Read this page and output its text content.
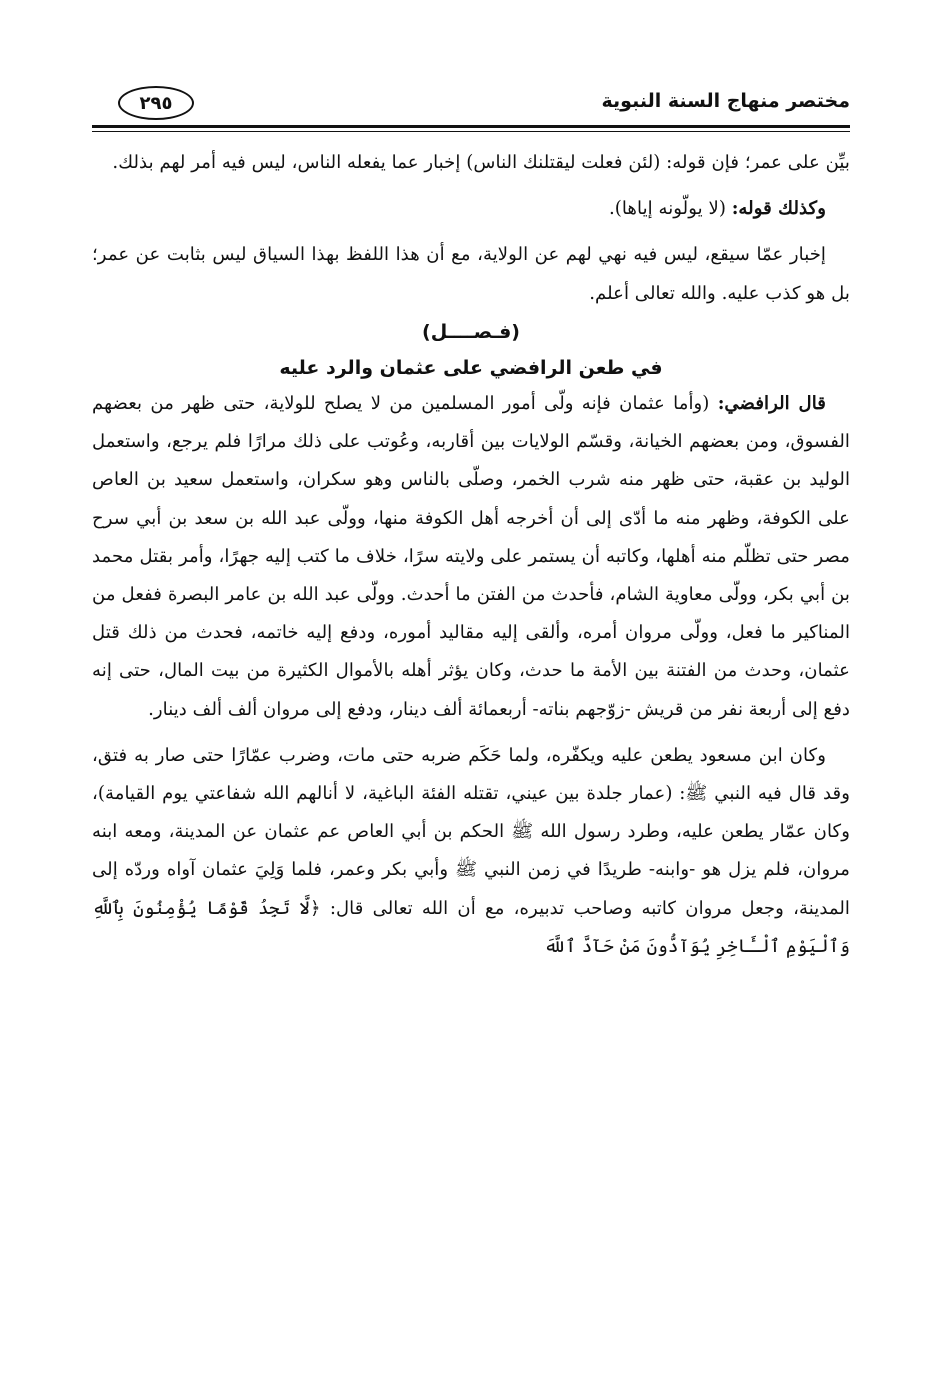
مختصر منهاج السنة النبوية
٢٩٥

بيِّن على عمر؛ فإن قوله: (لئن فعلت ليقتلنك الناس) إخبار عما يفعله الناس، ليس فيه أمر لهم بذلك.

وكذلك قوله: (لا يولّونه إياها).

إخبار عمّا سيقع، ليس فيه نهي لهم عن الولاية، مع أن هذا اللفظ بهذا السياق ليس بثابت عن عمر؛ بل هو كذب عليه. والله تعالى أعلم.

(فـصــــل)

في طعن الرافضي على عثمان والرد عليه

قال الرافضي: (وأما عثمان فإنه ولّى أمور المسلمين من لا يصلح للولاية، حتى ظهر من بعضهم الفسوق، ومن بعضهم الخيانة، وقسّم الولايات بين أقاربه، وعُوتب على ذلك مرارًا فلم يرجع، واستعمل الوليد بن عقبة، حتى ظهر منه شرب الخمر، وصلّى بالناس وهو سكران، واستعمل سعيد بن العاص على الكوفة، وظهر منه ما أدّى إلى أن أخرجه أهل الكوفة منها، وولّى عبد الله بن سعد بن أبي سرح مصر حتى تظلّم منه أهلها، وكاتبه أن يستمر على ولايته سرًا، خلاف ما كتب إليه جهرًا، وأمر بقتل محمد بن أبي بكر، وولّى معاوية الشام، فأحدث من الفتن ما أحدث. وولّى عبد الله بن عامر البصرة ففعل من المناكير ما فعل، وولّى مروان أمره، وألقى إليه مقاليد أموره، ودفع إليه خاتمه، فحدث من ذلك قتل عثمان، وحدث من الفتنة بين الأمة ما حدث، وكان يؤثر أهله بالأموال الكثيرة من بيت المال، حتى إنه دفع إلى أربعة نفر من قريش -زوّجهم بناته- أربعمائة ألف دينار، ودفع إلى مروان ألف ألف دينار.

وكان ابن مسعود يطعن عليه ويكفّره، ولما حَكَم ضربه حتى مات، وضرب عمّارًا حتى صار به فتق، وقد قال فيه النبي ﷺ: (عمار جلدة بين عيني، تقتله الفئة الباغية، لا أنالهم الله شفاعتي يوم القيامة)، وكان عمّار يطعن عليه، وطرد رسول الله ﷺ الحكم بن أبي العاص عم عثمان عن المدينة، ومعه ابنه مروان، فلم يزل هو -وابنه- طريدًا في زمن النبي ﷺ وأبي بكر وعمر، فلما وَلِيَ عثمان آواه وردّه إلى المدينة، وجعل مروان كاتبه وصاحب تدبيره، مع أن الله تعالى قال: ﴿لَّا تَجِدُ قَوْمًا يُؤْمِنُونَ بِٱللَّهِ وَٱلْيَوْمِ ٱلْـَٔاخِرِ يُوَآدُّونَ مَنْ حَآدَّ ٱللَّهَ
